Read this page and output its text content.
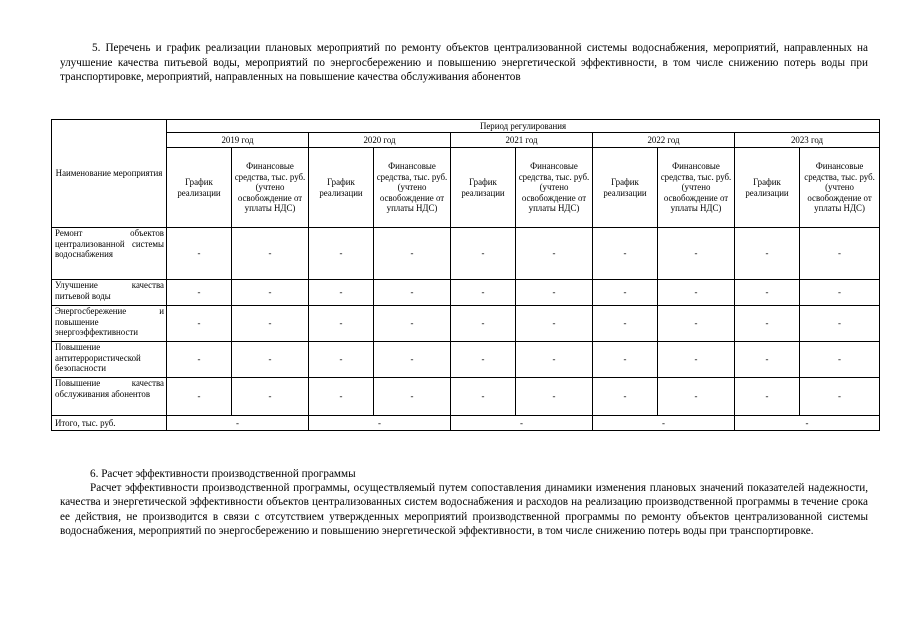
5. Перечень и график реализации плановых мероприятий по ремонту объектов централизованной системы водоснабжения, мероприятий, направленных на улучшение качества питьевой воды, мероприятий по энергосбережению и повышению энергетической эффективности, в том числе снижению потерь воды при транспортировке, мероприятий, направленных на повышение качества обслуживания абонентов
Наименование мероприятия	Период регулирования									
	2019 год		2020 год		2021 год		2022 год		2023 год	
	График реализации	Финансовые средства, тыс. руб. (учтено освобождение от уплаты НДС)	График реализации	Финансовые средства, тыс. руб. (учтено освобождение от уплаты НДС)	График реализации	Финансовые средства, тыс. руб. (учтено освобождение от уплаты НДС)	График реализации	Финансовые средства, тыс. руб. (учтено освобождение от уплаты НДС)	График реализации	Финансовые средства, тыс. руб. (учтено освобождение от уплаты НДС)
Ремонт объектов централизованной системы водоснабжения	-	-	-	-	-	-	-	-	-	-
Улучшение качества питьевой воды	-	-	-	-	-	-	-	-	-	-
Энергосбережение и повышение энергоэффективности	-	-	-	-	-	-	-	-	-	-
Повышение антитеррористической безопасности	-	-	-	-	-	-	-	-	-	-
Повышение качества обслуживания абонентов	-	-	-	-	-	-	-	-	-	-
Итого, тыс. руб.	-		-		-		-		-	
6. Расчет эффективности производственной программы
Расчет эффективности производственной программы, осуществляемый путем сопоставления динамики изменения плановых значений показателей надежности, качества и энергетической эффективности объектов централизованных систем водоснабжения и расходов на реализацию производственной программы в течение срока ее действия, не производится в связи с отсутствием утвержденных мероприятий производственной программы по ремонту объектов централизованной системы водоснабжения, мероприятий по энергосбережению и повышению энергетической эффективности, в том числе снижению потерь воды при транспортировке.
